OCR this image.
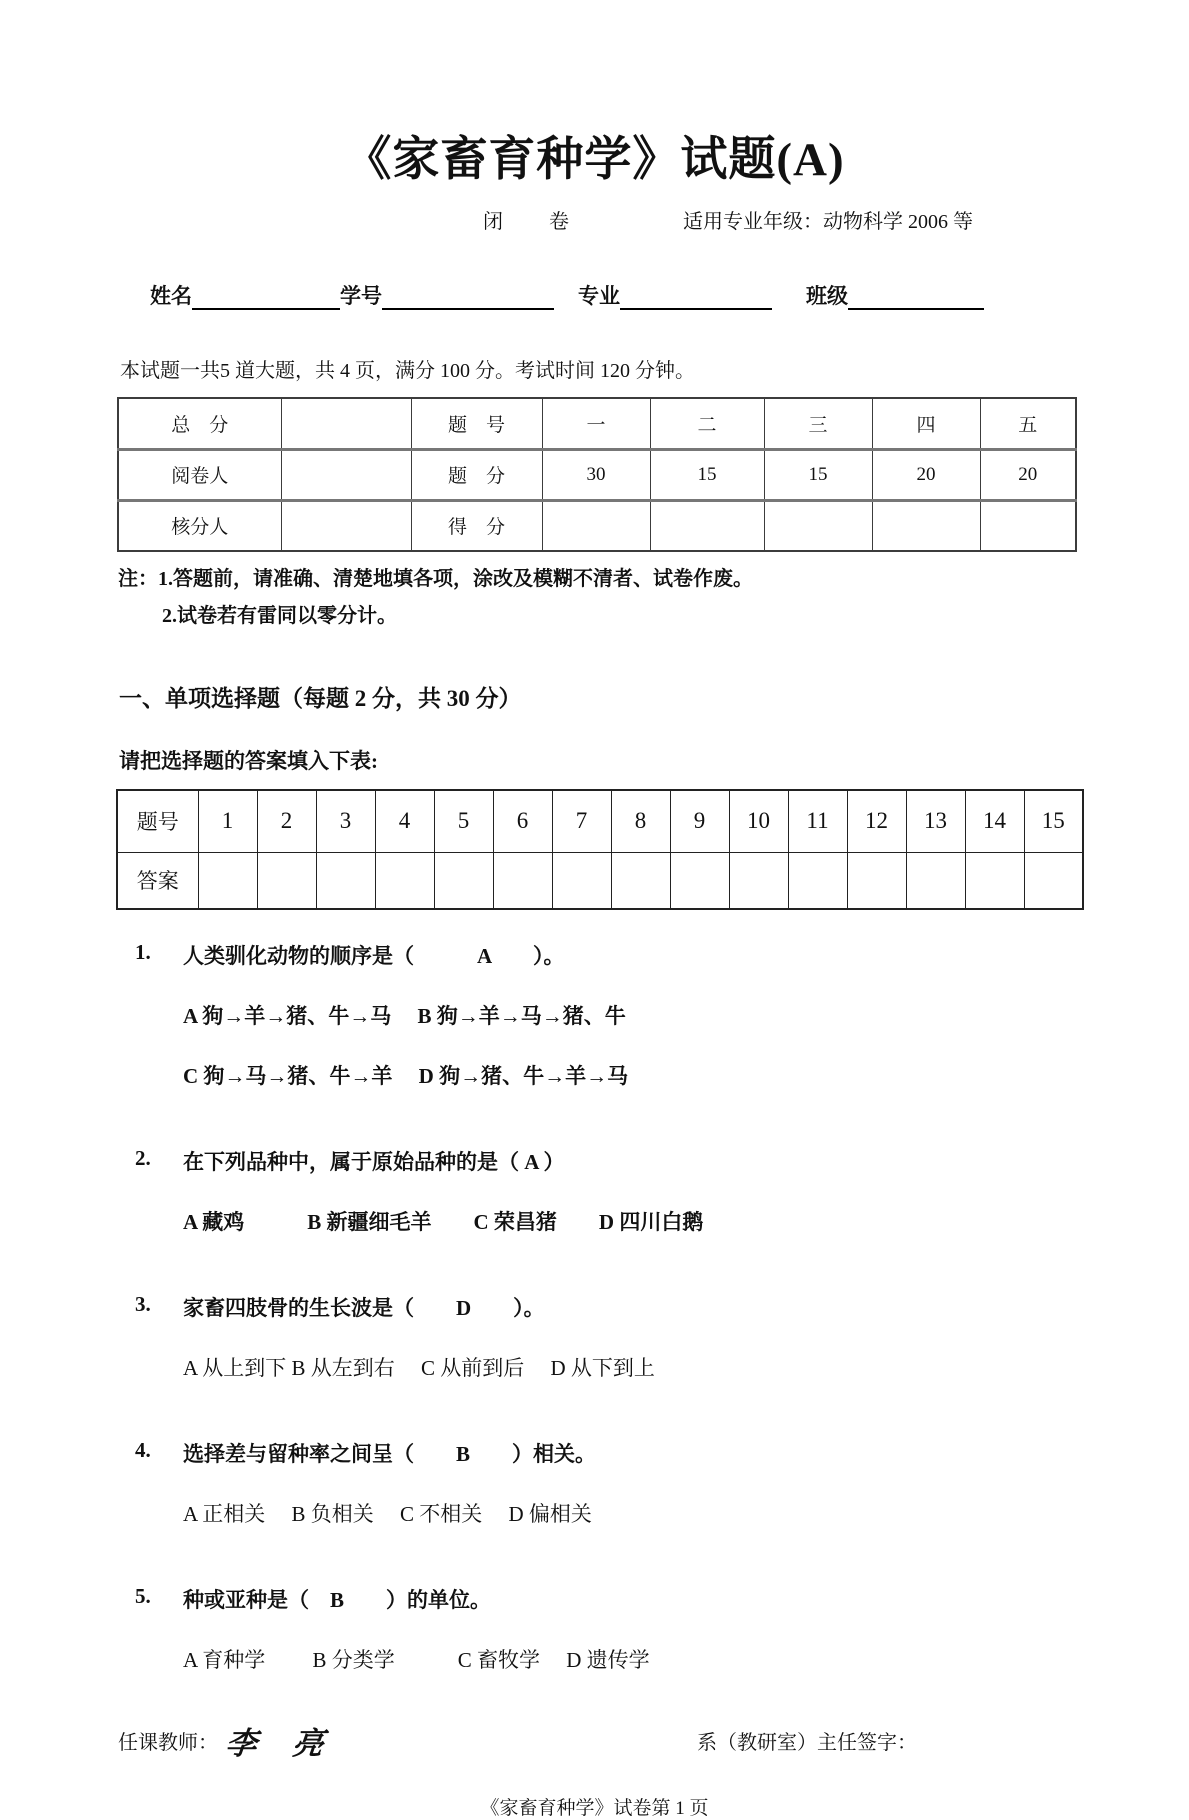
《家畜育种学》试题(A)
闭　　卷	适用专业年级：动物科学 2006 等
姓名	学号	专业	班级
本试题一共5 道大题，共 4 页，满分 100 分。考试时间 120 分钟。
总　分		题　号	一	二	三	四	五
阅卷人		题　分	30	15	15	20	20
核分人		得　分					
注：1.答题前，请准确、清楚地填各项，涂改及模糊不清者、试卷作废。
2.试卷若有雷同以零分计。
一、单项选择题（每题 2 分，共 30 分）
请把选择题的答案填入下表:
题号	1	2	3	4	5	6	7	8	9	10	11	12	13	14	15
答案															
1.	人类驯化动物的顺序是（　　　A　　）。
A 狗→羊→猪、牛→马　 B 狗→羊→马→猪、牛
C 狗→马→猪、牛→羊　 D 狗→猪、牛→羊→马
2.	在下列品种中，属于原始品种的是（ A ）
A 藏鸡　　　B 新疆细毛羊　　C 荣昌猪　　D 四川白鹅
3.	家畜四肢骨的生长波是（　　D　　）。
A 从上到下 B 从左到右　 C 从前到后　 D 从下到上
4.	选择差与留种率之间呈（　　B　　）相关。
A 正相关　 B 负相关　 C 不相关　 D 偏相关
5.	种或亚种是（　B　　）的单位。
A 育种学　　 B 分类学　　　C 畜牧学　 D 遗传学
任课教师： 李 亮	系（教研室）主任签字：
《家畜育种学》试卷第 1 页
